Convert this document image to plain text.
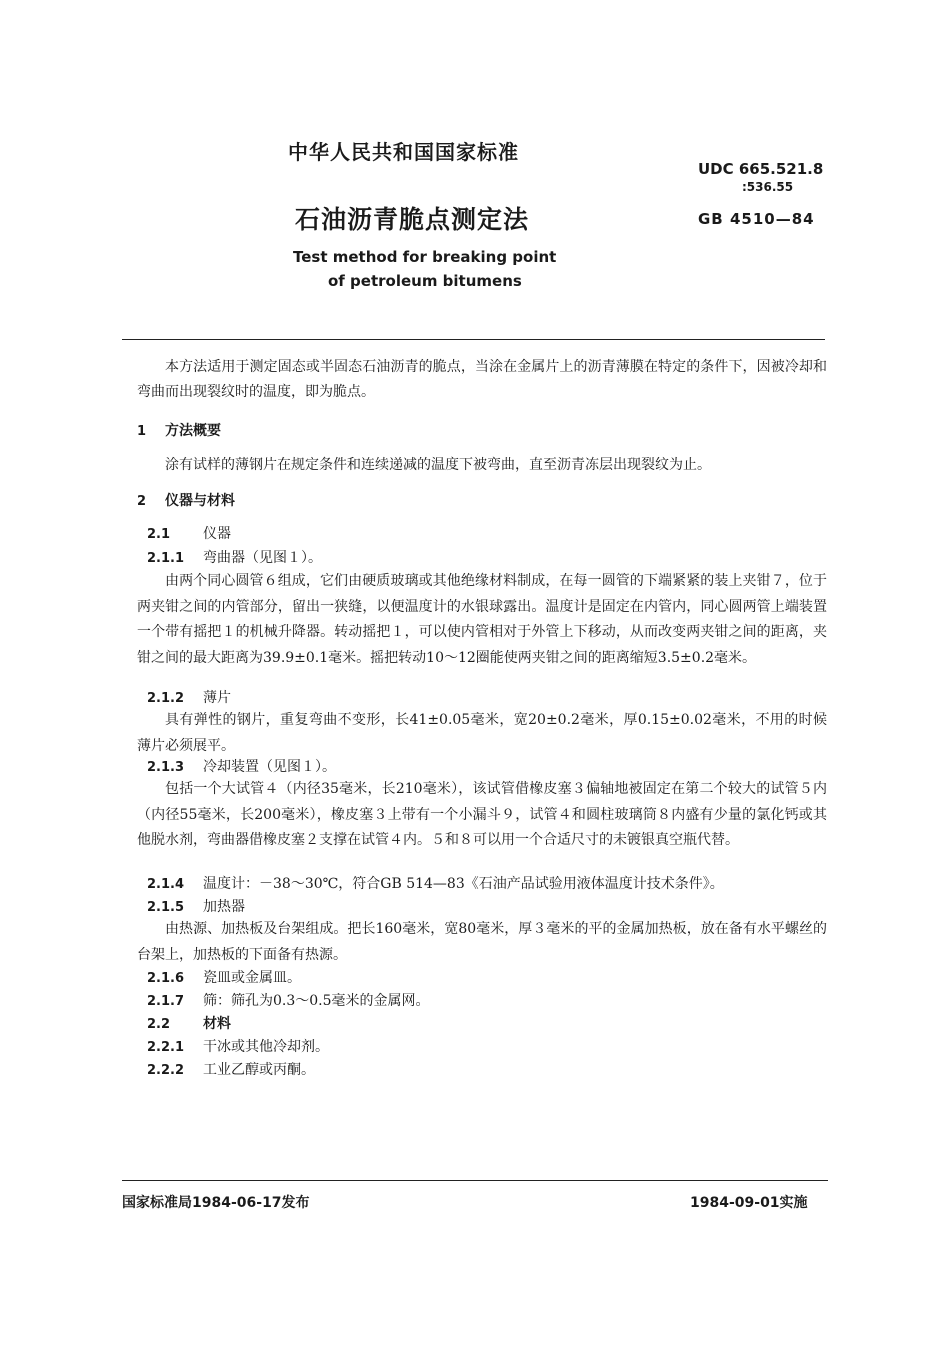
中华人民共和国国家标准
UDC 665.521.8
:536.55
石油沥青脆点测定法	GB 4510—84
Test method for breaking point
of petroleum bitumens
本方法适用于测定固态或半固态石油沥青的脆点，当涂在金属片上的沥青薄膜在特定的条件下，因被冷却和弯曲而出现裂纹时的温度，即为脆点。
1 方法概要
涂有试样的薄钢片在规定条件和连续递减的温度下被弯曲，直至沥青冻层出现裂纹为止。
2 仪器与材料
2.1 仪器
2.1.1 弯曲器（见图１）。
由两个同心圆管６组成，它们由硬质玻璃或其他绝缘材料制成，在每一圆管的下端紧紧的装上夹钳７，位于两夹钳之间的内管部分，留出一狭缝，以便温度计的水银球露出。温度计是固定在内管内，同心圆两管上端装置一个带有摇把１的机械升降器。转动摇把１，可以使内管相对于外管上下移动，从而改变两夹钳之间的距离，夹钳之间的最大距离为39.9±0.1毫米。摇把转动10～12圈能使两夹钳之间的距离缩短3.5±0.2毫米。
2.1.2 薄片
具有弹性的钢片，重复弯曲不变形，长41±0.05毫米，宽20±0.2毫米，厚0.15±0.02毫米，不用的时候薄片必须展平。
2.1.3 冷却装置（见图１）。
包括一个大试管４（内径35毫米，长210毫米），该试管借橡皮塞３偏轴地被固定在第二个较大的试管５内（内径55毫米，长200毫米），橡皮塞３上带有一个小漏斗９，试管４和圆柱玻璃筒８内盛有少量的氯化钙或其他脱水剂，弯曲器借橡皮塞２支撑在试管４内。５和８可以用一个合适尺寸的未镀银真空瓶代替。
2.1.4 温度计：－38～30℃，符合GB 514—83《石油产品试验用液体温度计技术条件》。
2.1.5 加热器
由热源、加热板及台架组成。把长160毫米，宽80毫米，厚３毫米的平的金属加热板，放在备有水平螺丝的台架上，加热板的下面备有热源。
2.1.6 瓷皿或金属皿。
2.1.7 筛：筛孔为0.3～0.5毫米的金属网。
2.2 材料
2.2.1 干冰或其他冷却剂。
2.2.2 工业乙醇或丙酮。
国家标准局1984-06-17发布	1984-09-01实施
